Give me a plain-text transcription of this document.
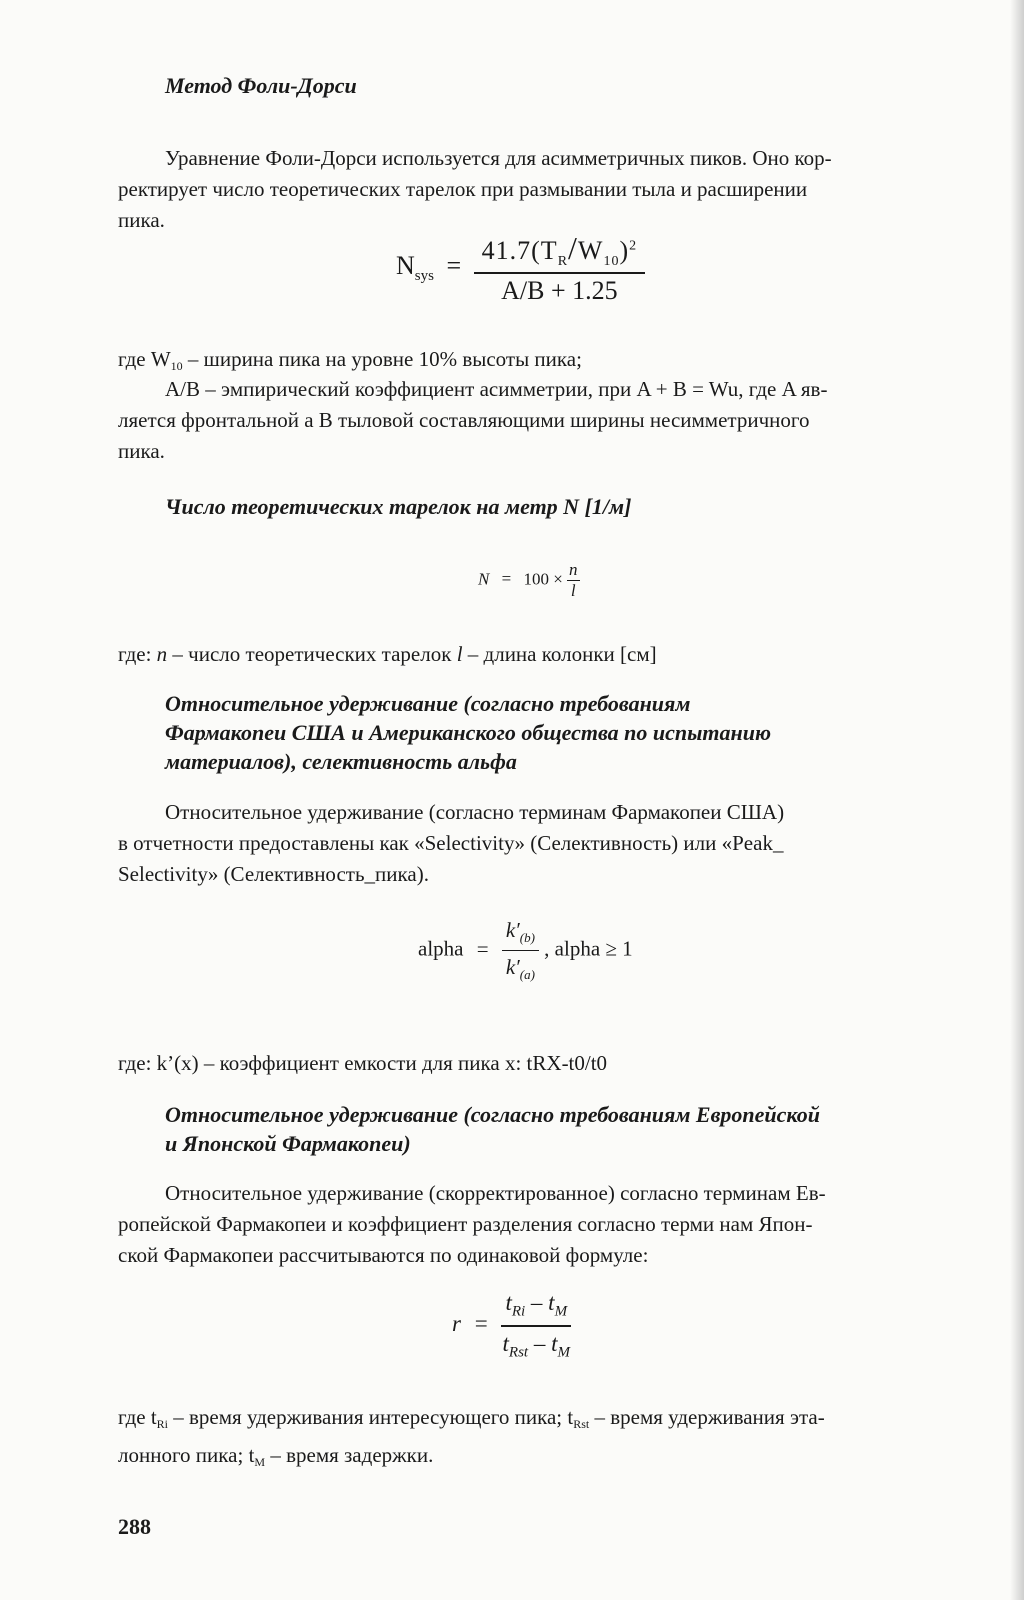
Метод Фоли-Дорси
Уравнение Фоли-Дорси используется для асимметричных пиков. Оно кор-
ректирует число теоретических тарелок при размывании тыла и расширении
пика.
$N_{sys} = \frac{41.7(T_R/W_{10})^2}{A/B + 1.25}$
где $W_{10}$ – ширина пика на уровне 10% высоты пика;
A/B – эмпирический коэффициент асимметрии, при A + B = Wu, где A яв-
ляется фронтальной а B тыловой составляющими ширины несимметричного
пика.
Число теоретических тарелок на метр N [1/м]
$N = 100 \times \frac{n}{l}$
где: n – число теоретических тарелок l – длина колонки [см]
Относительное удерживание (согласно требованиям
Фармакопеи США и Американского общества по испытанию
материалов), селективность альфа
Относительное удерживание (согласно терминам Фармакопеи США)
в отчетности предоставлены как «Selectivity» (Селективность) или «Peak_
Selectivity» (Селективность_пика).
alpha = $\frac{k'_{(b)}}{k'_{(a)}}$ , alpha ≥ 1
где: k’(x) – коэффициент емкости для пика x: tRX-t0/t0
Относительное удерживание (согласно требованиям Европейской
и Японской Фармакопеи)
Относительное удерживание (скорректированное) согласно терминам Ев-
ропейской Фармакопеи и коэффициент разделения согласно терми нам Япон-
ской Фармакопеи рассчитываются по одинаковой формуле:
$r = \frac{t_{Ri} - t_M}{t_{Rst} - t_M}$
где $t_{Ri}$ – время удерживания интересующего пика; $t_{Rst}$ – время удерживания эта-
лонного пика; $t_M$ – время задержки.
288
